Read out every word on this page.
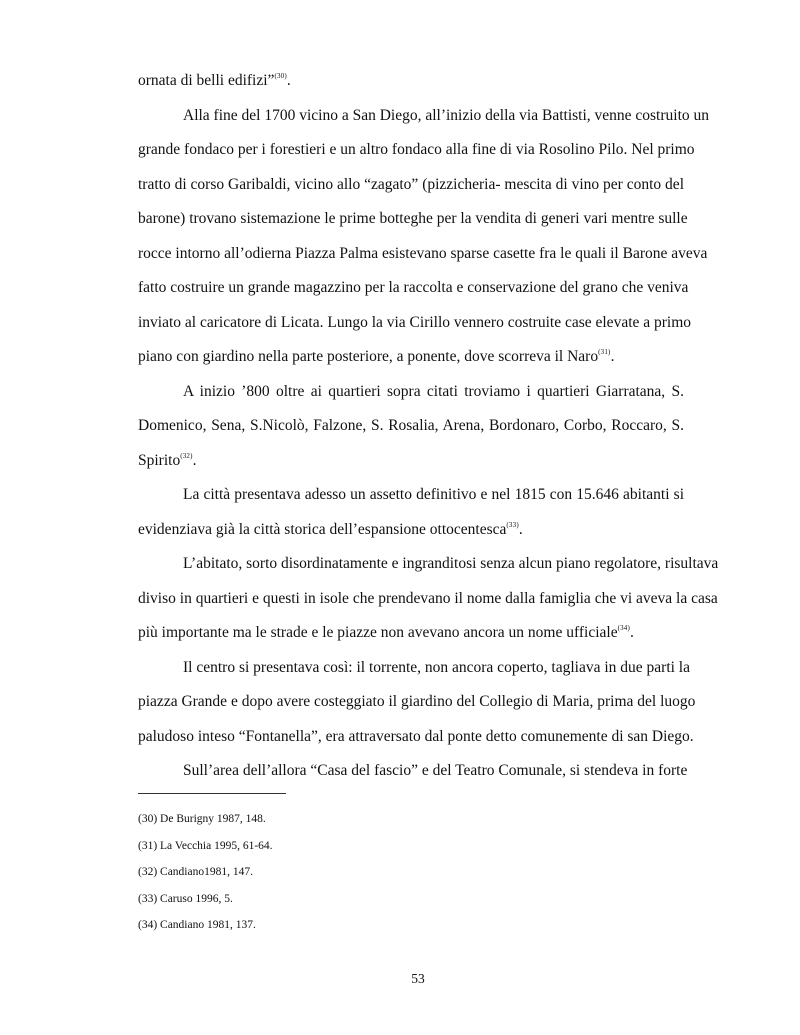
ornata di belli edifizi”$^{(30)}$.
Alla fine del 1700 vicino a San Diego, all’inizio della via Battisti, venne costruito un
grande fondaco per i forestieri e un altro fondaco alla fine di via Rosolino Pilo. Nel primo
tratto di corso Garibaldi, vicino allo “zagato” (pizzicheria- mescita di vino per conto del
barone) trovano sistemazione le prime botteghe per la vendita di generi vari mentre sulle
rocce intorno all’odierna Piazza Palma esistevano sparse casette fra le quali il Barone aveva
fatto costruire un grande magazzino per la raccolta e conservazione del grano che veniva
inviato al caricatore di Licata. Lungo la via Cirillo vennero costruite case elevate a primo
piano con giardino nella parte posteriore, a ponente, dove scorreva il Naro$^{(31)}$.
A inizio ’800 oltre ai quartieri sopra citati troviamo i quartieri Giarratana, S.
Domenico, Sena, S.Nicolò, Falzone, S. Rosalia, Arena, Bordonaro, Corbo, Roccaro, S.
Spirito$^{(32)}$.
La città presentava adesso un assetto definitivo e nel 1815 con 15.646 abitanti si
evidenziava già la città storica dell’espansione ottocentesca$^{(33)}$.
L’abitato, sorto disordinatamente e ingranditosi senza alcun piano regolatore, risultava
diviso in quartieri e questi in isole che prendevano il nome dalla famiglia che vi aveva la casa
più importante ma le strade e le piazze non avevano ancora un nome ufficiale$^{(34)}$.
Il centro si presentava così: il torrente, non ancora coperto, tagliava in due parti la
piazza Grande e dopo avere costeggiato il giardino del Collegio di Maria, prima del luogo
paludoso inteso “Fontanella”, era attraversato dal ponte detto comunemente di san Diego.
Sull’area dell’allora “Casa del fascio” e del Teatro Comunale, si stendeva in forte
(30) De Burigny 1987, 148.
(31) La Vecchia 1995, 61-64.
(32) Candiano1981, 147.
(33) Caruso 1996, 5.
(34) Candiano 1981, 137.
53
